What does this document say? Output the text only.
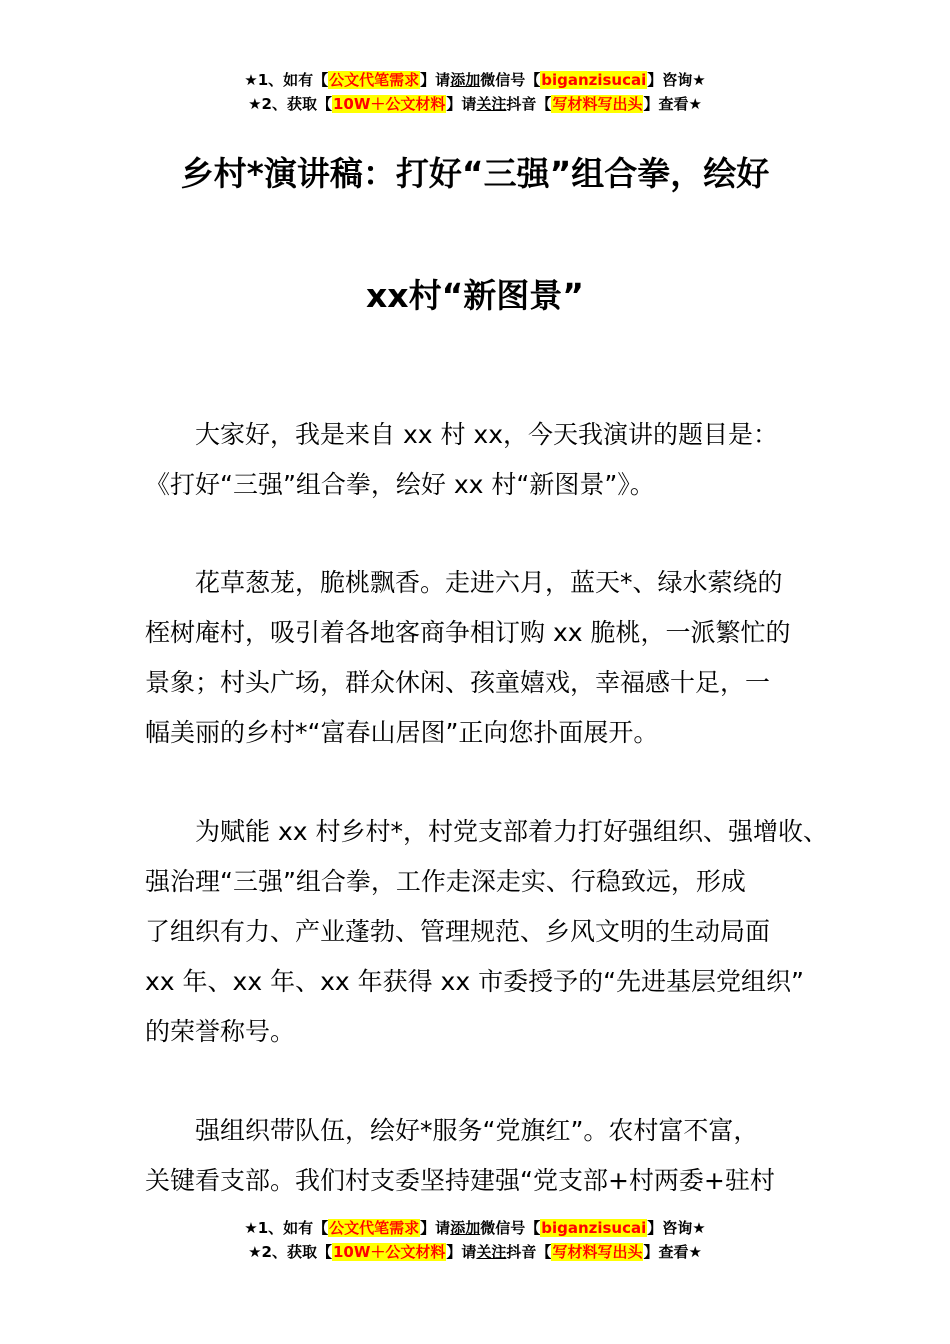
★1、如有【公文代笔需求】请添加微信号【biganzisucai】咨询★
★2、获取【10W＋公文材料】请关注抖音【写材料写出头】查看★
乡村*演讲稿：打好“三强”组合拳，绘好
xx村“新图景”

大家好，我是来自 xx 村 xx，今天我演讲的题目是：
《打好“三强”组合拳，绘好 xx 村“新图景”》。

花草葱茏，脆桃飘香。走进六月，蓝天*、绿水萦绕的
桎树庵村，吸引着各地客商争相订购 xx 脆桃，一派繁忙的
景象；村头广场，群众休闲、孩童嬉戏，幸福感十足，一
幅美丽的乡村*“富春山居图”正向您扑面展开。

为赋能 xx 村乡村*，村党支部着力打好强组织、强增收、
强治理“三强”组合拳，工作走深走实、行稳致远，形成
了组织有力、产业蓬勃、管理规范、乡风文明的生动局面
xx 年、xx 年、xx 年获得 xx 市委授予的“先进基层党组织”
的荣誉称号。

强组织带队伍，绘好*服务“党旗红”。农村富不富，
关键看支部。我们村支委坚持建强“党支部+村两委+驻村

★1、如有【公文代笔需求】请添加微信号【biganzisucai】咨询★
★2、获取【10W＋公文材料】请关注抖音【写材料写出头】查看★
